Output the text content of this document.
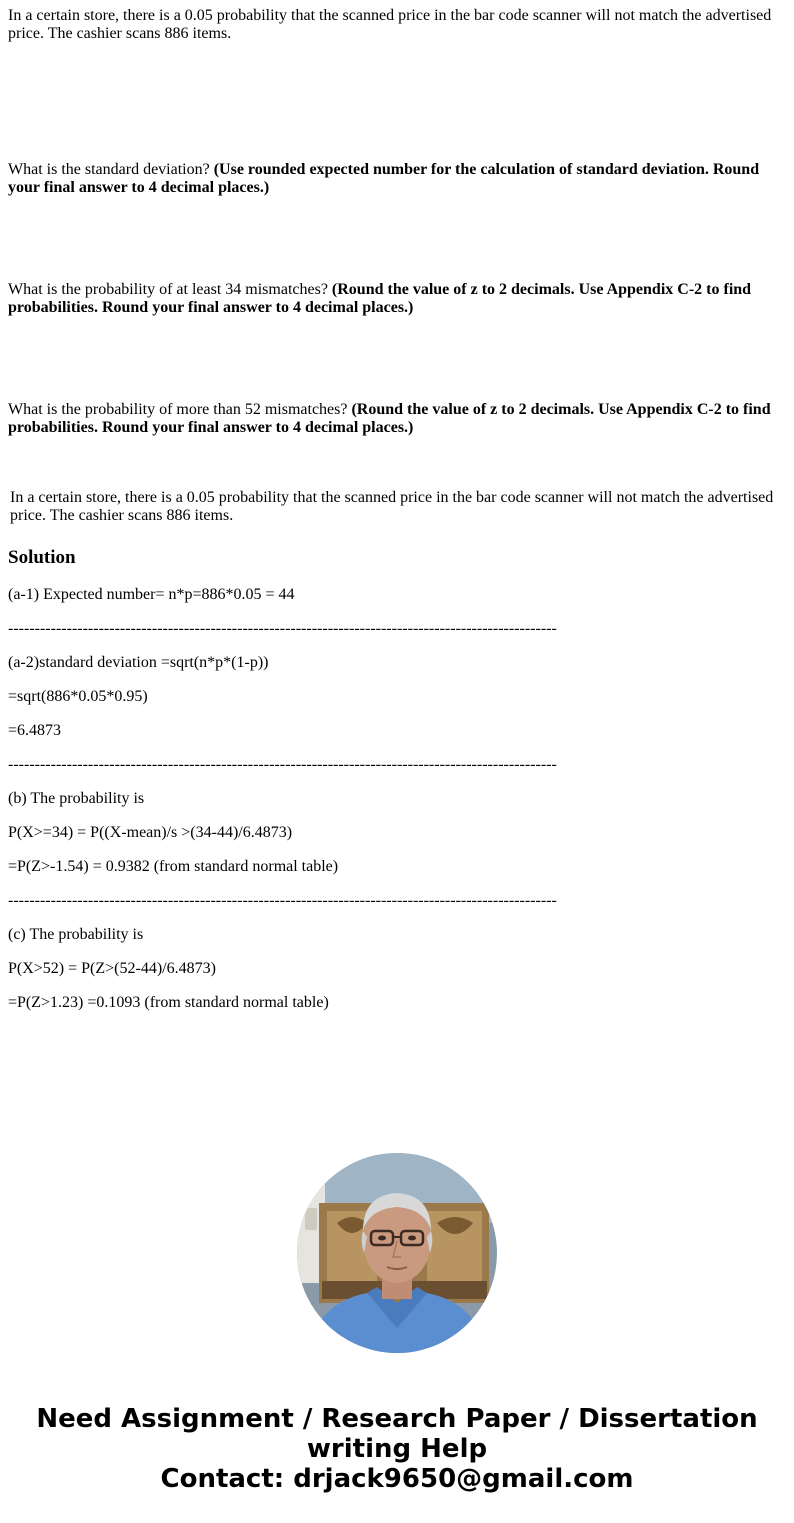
In a certain store, there is a 0.05 probability that the scanned price in the bar code scanner will not match the advertised price. The cashier scans 886 items.

What is the standard deviation? (Use rounded expected number for the calculation of standard deviation. Round your final answer to 4 decimal places.)

What is the probability of at least 34 mismatches? (Round the value of z to 2 decimals. Use Appendix C-2 to find probabilities. Round your final answer to 4 decimal places.)

What is the probability of more than 52 mismatches? (Round the value of z to 2 decimals. Use Appendix C-2 to find probabilities. Round your final answer to 4 decimal places.)

In a certain store, there is a 0.05 probability that the scanned price in the bar code scanner will not match the advertised price. The cashier scans 886 items.

Solution

(a-1) Expected number= n*p=886*0.05 = 44

-------------------------------------------------------------------------------------------------------

(a-2)standard deviation =sqrt(n*p*(1-p))

=sqrt(886*0.05*0.95)

=6.4873

-------------------------------------------------------------------------------------------------------

(b) The probability is

P(X>=34) = P((X-mean)/s >(34-44)/6.4873)

=P(Z>-1.54) = 0.9382 (from standard normal table)

-------------------------------------------------------------------------------------------------------

(c) The probability is

P(X>52) = P(Z>(52-44)/6.4873)

=P(Z>1.23) =0.1093 (from standard normal table)

Need Assignment / Research Paper / Dissertation
writing Help
Contact: drjack9650@gmail.com
